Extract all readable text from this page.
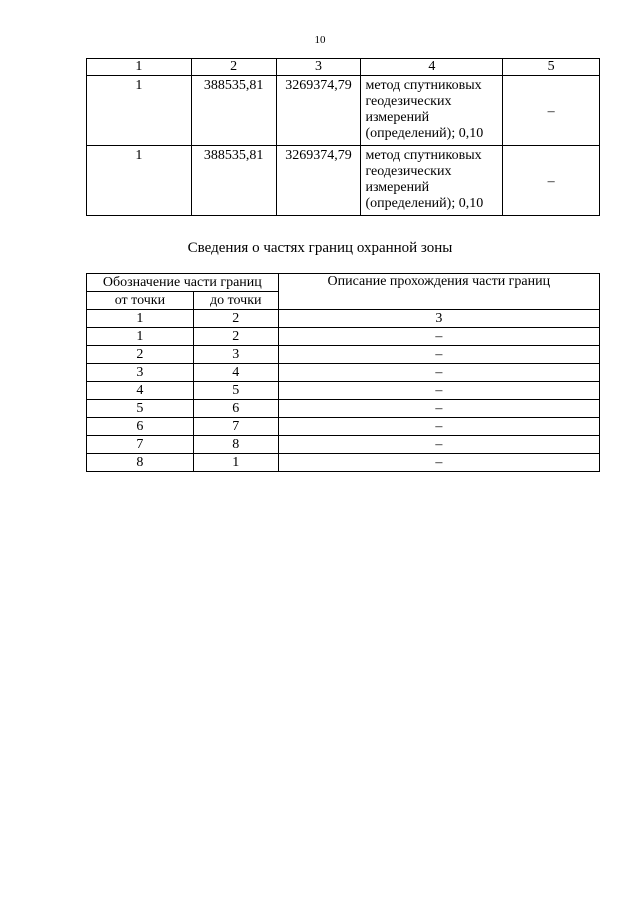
10
1	2	3	4	5
1	388535,81	3269374,79	метод спутниковых
геодезических
измерений
(определений); 0,10	–
1	388535,81	3269374,79	метод спутниковых
геодезических
измерений
(определений); 0,10	–
Сведения о частях границ охранной зоны
Обозначение части границ		Описание прохождения части границ
от точки	до точки	
1	2	3
1	2	–
2	3	–
3	4	–
4	5	–
5	6	–
6	7	–
7	8	–
8	1	–
